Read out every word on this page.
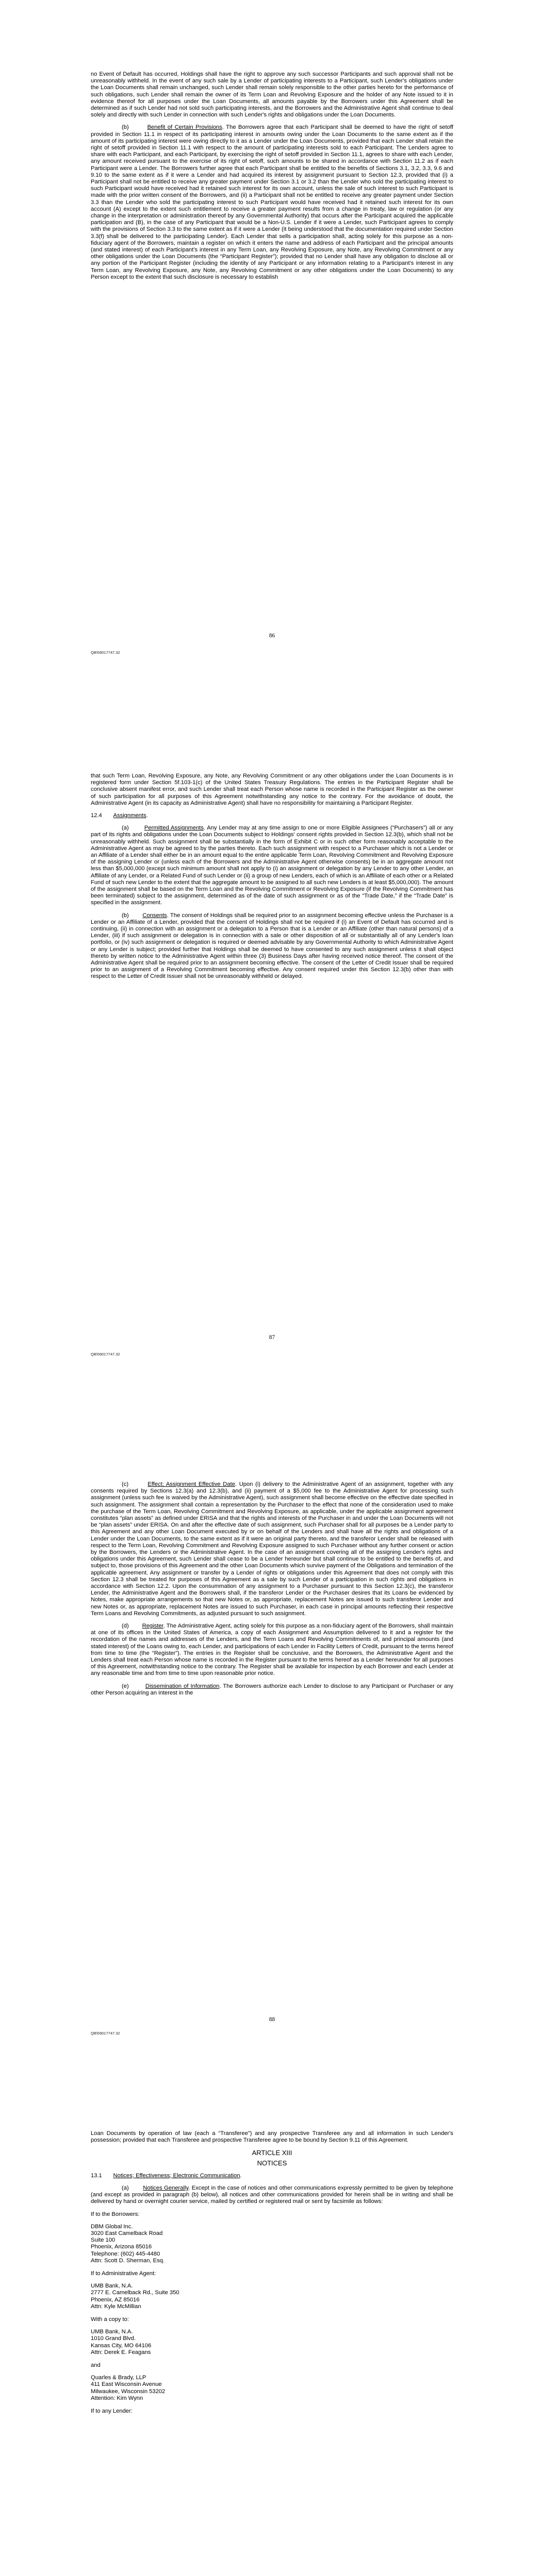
no Event of Default has occurred, Holdings shall have the right to approve any such successor Participants and such approval shall not be unreasonably withheld. In the event of any such sale by a Lender of participating interests to a Participant, such Lender's obligations under the Loan Documents shall remain unchanged, such Lender shall remain solely responsible to the other parties hereto for the performance of such obligations, such Lender shall remain the owner of its Term Loan and Revolving Exposure and the holder of any Note issued to it in evidence thereof for all purposes under the Loan Documents, all amounts payable by the Borrowers under this Agreement shall be determined as if such Lender had not sold such participating interests, and the Borrowers and the Administrative Agent shall continue to deal solely and directly with such Lender in connection with such Lender's rights and obligations under the Loan Documents.

(b)	Benefit of Certain Provisions. The Borrowers agree that each Participant shall be deemed to have the right of setoff provided in Section 11.1 in respect of its participating interest in amounts owing under the Loan Documents to the same extent as if the amount of its participating interest were owing directly to it as a Lender under the Loan Documents, provided that each Lender shall retain the right of setoff provided in Section 11.1 with respect to the amount of participating interests sold to each Participant. The Lenders agree to share with each Participant, and each Participant, by exercising the right of setoff provided in Section 11.1, agrees to share with each Lender, any amount received pursuant to the exercise of its right of setoff, such amounts to be shared in accordance with Section 11.2 as if each Participant were a Lender. The Borrowers further agree that each Participant shall be entitled to the benefits of Sections 3.1, 3.2, 3.3, 9.6 and 9.10 to the same extent as if it were a Lender and had acquired its interest by assignment pursuant to Section 12.3, provided that (i) a Participant shall not be entitled to receive any greater payment under Section 3.1 or 3.2 than the Lender who sold the participating interest to such Participant would have received had it retained such interest for its own account, unless the sale of such interest to such Participant is made with the prior written consent of the Borrowers, and (ii) a Participant shall not be entitled to receive any greater payment under Section 3.3 than the Lender who sold the participating interest to such Participant would have received had it retained such interest for its own account (A) except to the extent such entitlement to receive a greater payment results from a change in treaty, law or regulation (or any change in the interpretation or administration thereof by any Governmental Authority) that occurs after the Participant acquired the applicable participation and (B), in the case of any Participant that would be a Non-U.S. Lender if it were a Lender, such Participant agrees to comply with the provisions of Section 3.3 to the same extent as if it were a Lender (it being understood that the documentation required under Section 3.3(f) shall be delivered to the participating Lender). Each Lender that sells a participation shall, acting solely for this purpose as a non-fiduciary agent of the Borrowers, maintain a register on which it enters the name and address of each Participant and the principal amounts (and stated interest) of each Participant's interest in any Term Loan, any Revolving Exposure, any Note, any Revolving Commitment or any other obligations under the Loan Documents (the “Participant Register”); provided that no Lender shall have any obligation to disclose all or any portion of the Participant Register (including the identity of any Participant or any information relating to a Participant's interest in any Term Loan, any Revolving Exposure, any Note, any Revolving Commitment or any other obligations under the Loan Documents) to any Person except to the extent that such disclosure is necessary to establish

86
QB\59017747.32

that such Term Loan, Revolving Exposure, any Note, any Revolving Commitment or any other obligations under the Loan Documents is in registered form under Section 5f.103-1(c) of the United States Treasury Regulations. The entries in the Participant Register shall be conclusive absent manifest error, and such Lender shall treat each Person whose name is recorded in the Participant Register as the owner of such participation for all purposes of this Agreement notwithstanding any notice to the contrary. For the avoidance of doubt, the Administrative Agent (in its capacity as Administrative Agent) shall have no responsibility for maintaining a Participant Register.

12.4 Assignments.

(a)	Permitted Assignments. Any Lender may at any time assign to one or more Eligible Assignees (“Purchasers”) all or any part of its rights and obligations under the Loan Documents subject to Holdings' consent rights provided in Section 12.3(b), which shall not be unreasonably withheld. Such assignment shall be substantially in the form of Exhibit C or in such other form reasonably acceptable to the Administrative Agent as may be agreed to by the parties thereto. Each such assignment with respect to a Purchaser which is not a Lender or an Affiliate of a Lender shall either be in an amount equal to the entire applicable Term Loan, Revolving Commitment and Revolving Exposure of the assigning Lender or (unless each of the Borrowers and the Administrative Agent otherwise consents) be in an aggregate amount not less than $5,000,000 (except such minimum amount shall not apply to (i) an assignment or delegation by any Lender to any other Lender, an Affiliate of any Lender, or a Related Fund of such Lender or (ii) a group of new Lenders, each of which is an Affiliate of each other or a Related Fund of such new Lender to the extent that the aggregate amount to be assigned to all such new Lenders is at least $5,000,000). The amount of the assignment shall be based on the Term Loan and the Revolving Commitment or Revolving Exposure (if the Revolving Commitment has been terminated) subject to the assignment, determined as of the date of such assignment or as of the “Trade Date,” if the “Trade Date” is specified in the assignment.

(b) Consents. The consent of Holdings shall be required prior to an assignment becoming effective unless the Purchaser is a Lender or an Affiliate of a Lender, provided that the consent of Holdings shall not be required if (i) an Event of Default has occurred and is continuing, (ii) in connection with an assignment or a delegation to a Person that is a Lender or an Affiliate (other than natural persons) of a Lender, (iii) if such assignment or delegation is in connection with a sale or other disposition of all or substantially all of any Lender's loan portfolio, or (iv) such assignment or delegation is required or deemed advisable by any Governmental Authority to which Administrative Agent or any Lender is subject; provided further that Holdings shall be deemed to have consented to any such assignment unless it shall object thereto by written notice to the Administrative Agent within three (3) Business Days after having received notice thereof. The consent of the Administrative Agent shall be required prior to an assignment becoming effective. The consent of the Letter of Credit Issuer shall be required prior to an assignment of a Revolving Commitment becoming effective. Any consent required under this Section 12.3(b) other than with respect to the Letter of Credit Issuer shall not be unreasonably withheld or delayed.

87
QB\59017747.32

(c)	Effect; Assignment Effective Date. Upon (i) delivery to the Administrative Agent of an assignment, together with any consents required by Sections 12.3(a) and 12.3(b), and (ii) payment of a $5,000 fee to the Administrative Agent for processing such assignment (unless such fee is waived by the Administrative Agent), such assignment shall become effective on the effective date specified in such assignment. The assignment shall contain a representation by the Purchaser to the effect that none of the consideration used to make the purchase of the Term Loan, Revolving Commitment and Revolving Exposure, as applicable, under the applicable assignment agreement constitutes “plan assets” as defined under ERISA and that the rights and interests of the Purchaser in and under the Loan Documents will not be “plan assets” under ERISA. On and after the effective date of such assignment, such Purchaser shall for all purposes be a Lender party to this Agreement and any other Loan Document executed by or on behalf of the Lenders and shall have all the rights and obligations of a Lender under the Loan Documents, to the same extent as if it were an original party thereto, and the transferor Lender shall be released with respect to the Term Loan, Revolving Commitment and Revolving Exposure assigned to such Purchaser without any further consent or action by the Borrowers, the Lenders or the Administrative Agent. In the case of an assignment covering all of the assigning Lender's rights and obligations under this Agreement, such Lender shall cease to be a Lender hereunder but shall continue to be entitled to the benefits of, and subject to, those provisions of this Agreement and the other Loan Documents which survive payment of the Obligations and termination of the applicable agreement. Any assignment or transfer by a Lender of rights or obligations under this Agreement that does not comply with this Section 12.3 shall be treated for purposes of this Agreement as a sale by such Lender of a participation in such rights and obligations in accordance with Section 12.2. Upon the consummation of any assignment to a Purchaser pursuant to this Section 12.3(c), the transferor Lender, the Administrative Agent and the Borrowers shall, if the transferor Lender or the Purchaser desires that its Loans be evidenced by Notes, make appropriate arrangements so that new Notes or, as appropriate, replacement Notes are issued to such transferor Lender and new Notes or, as appropriate, replacement Notes are issued to such Purchaser, in each case in principal amounts reflecting their respective Term Loans and Revolving Commitments, as adjusted pursuant to such assignment.

(d) Register. The Administrative Agent, acting solely for this purpose as a non-fiduciary agent of the Borrowers, shall maintain at one of its offices in the United States of America, a copy of each Assignment and Assumption delivered to it and a register for the recordation of the names and addresses of the Lenders, and the Term Loans and Revolving Commitments of, and principal amounts (and stated interest) of the Loans owing to, each Lender, and participations of each Lender in Facility Letters of Credit, pursuant to the terms hereof from time to time (the “Register”). The entries in the Register shall be conclusive, and the Borrowers, the Administrative Agent and the Lenders shall treat each Person whose name is recorded in the Register pursuant to the terms hereof as a Lender hereunder for all purposes of this Agreement, notwithstanding notice to the contrary. The Register shall be available for inspection by each Borrower and each Lender at any reasonable time and from time to time upon reasonable prior notice.

(e)	Dissemination of Information. The Borrowers authorize each Lender to disclose to any Participant or Purchaser or any other Person acquiring an interest in the

88
QB\59017747.32

Loan Documents by operation of law (each a “Transferee”) and any prospective Transferee any and all information in such Lender's possession; provided that each Transferee and prospective Transferee agree to be bound by Section 9.11 of this Agreement.

ARTICLE XIII
NOTICES

13.1 Notices; Effectiveness; Electronic Communication.

(a) Notices Generally. Except in the case of notices and other communications expressly permitted to be given by telephone (and except as provided in paragraph (b) below), all notices and other communications provided for herein shall be in writing and shall be delivered by hand or overnight courier service, mailed by certified or registered mail or sent by facsimile as follows:

If to the Borrowers:

DBM Global Inc.
3020 East Camelback Road
Suite 100
Phoenix, Arizona 85016
Telephone: (602) 445-4480
Attn: Scott D. Sherman, Esq.

If to Administrative Agent:

UMB Bank, N.A.
2777 E. Camelback Rd., Suite 350
Phoenix, AZ 85016
Attn: Kyle McMillian

With a copy to:

UMB Bank, N.A.
1010 Grand Blvd.
Kansas City, MO 64106
Attn: Derek E. Feagans

and

Quarles & Brady, LLP
411 East Wisconsin Avenue
Milwaukee, Wisconsin 53202
Attention: Kim Wynn

If to any Lender:
